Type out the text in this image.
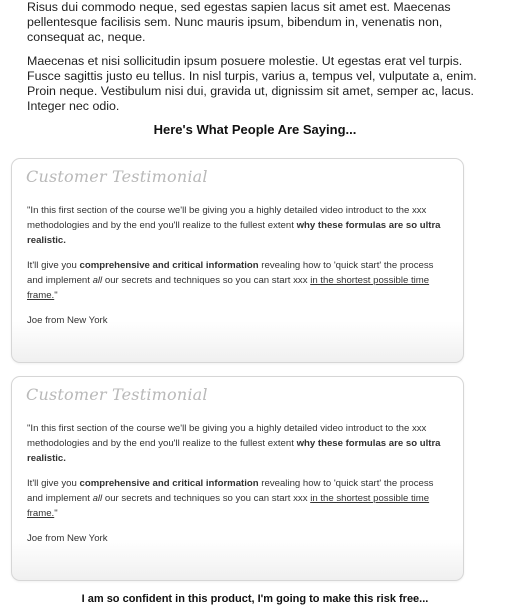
Risus dui commodo neque, sed egestas sapien lacus sit amet est. Maecenas pellentesque facilisis sem. Nunc mauris ipsum, bibendum in, venenatis non, consequat ac, neque.

Maecenas et nisi sollicitudin ipsum posuere molestie. Ut egestas erat vel turpis. Fusce sagittis justo eu tellus. In nisl turpis, varius a, tempus vel, vulputate a, enim. Proin neque. Vestibulum nisi dui, gravida ut, dignissim sit amet, semper ac, lacus. Integer nec odio.

Here's What People Are Saying...
Customer Testimonial

"In this first section of the course we'll be giving you a highly detailed video introduct to the xxx methodologies and by the end you'll realize to the fullest extent why these formulas are so ultra realistic.

It'll give you comprehensive and critical information revealing how to 'quick start' the process and implement all our secrets and techniques so you can start xxx in the shortest possible time frame."

Joe from New York

Customer Testimonial

"In this first section of the course we'll be giving you a highly detailed video introduct to the xxx methodologies and by the end you'll realize to the fullest extent why these formulas are so ultra realistic.

It'll give you comprehensive and critical information revealing how to 'quick start' the process and implement all our secrets and techniques so you can start xxx in the shortest possible time frame."

Joe from New York

I am so confident in this product, I'm going to make this risk free...
